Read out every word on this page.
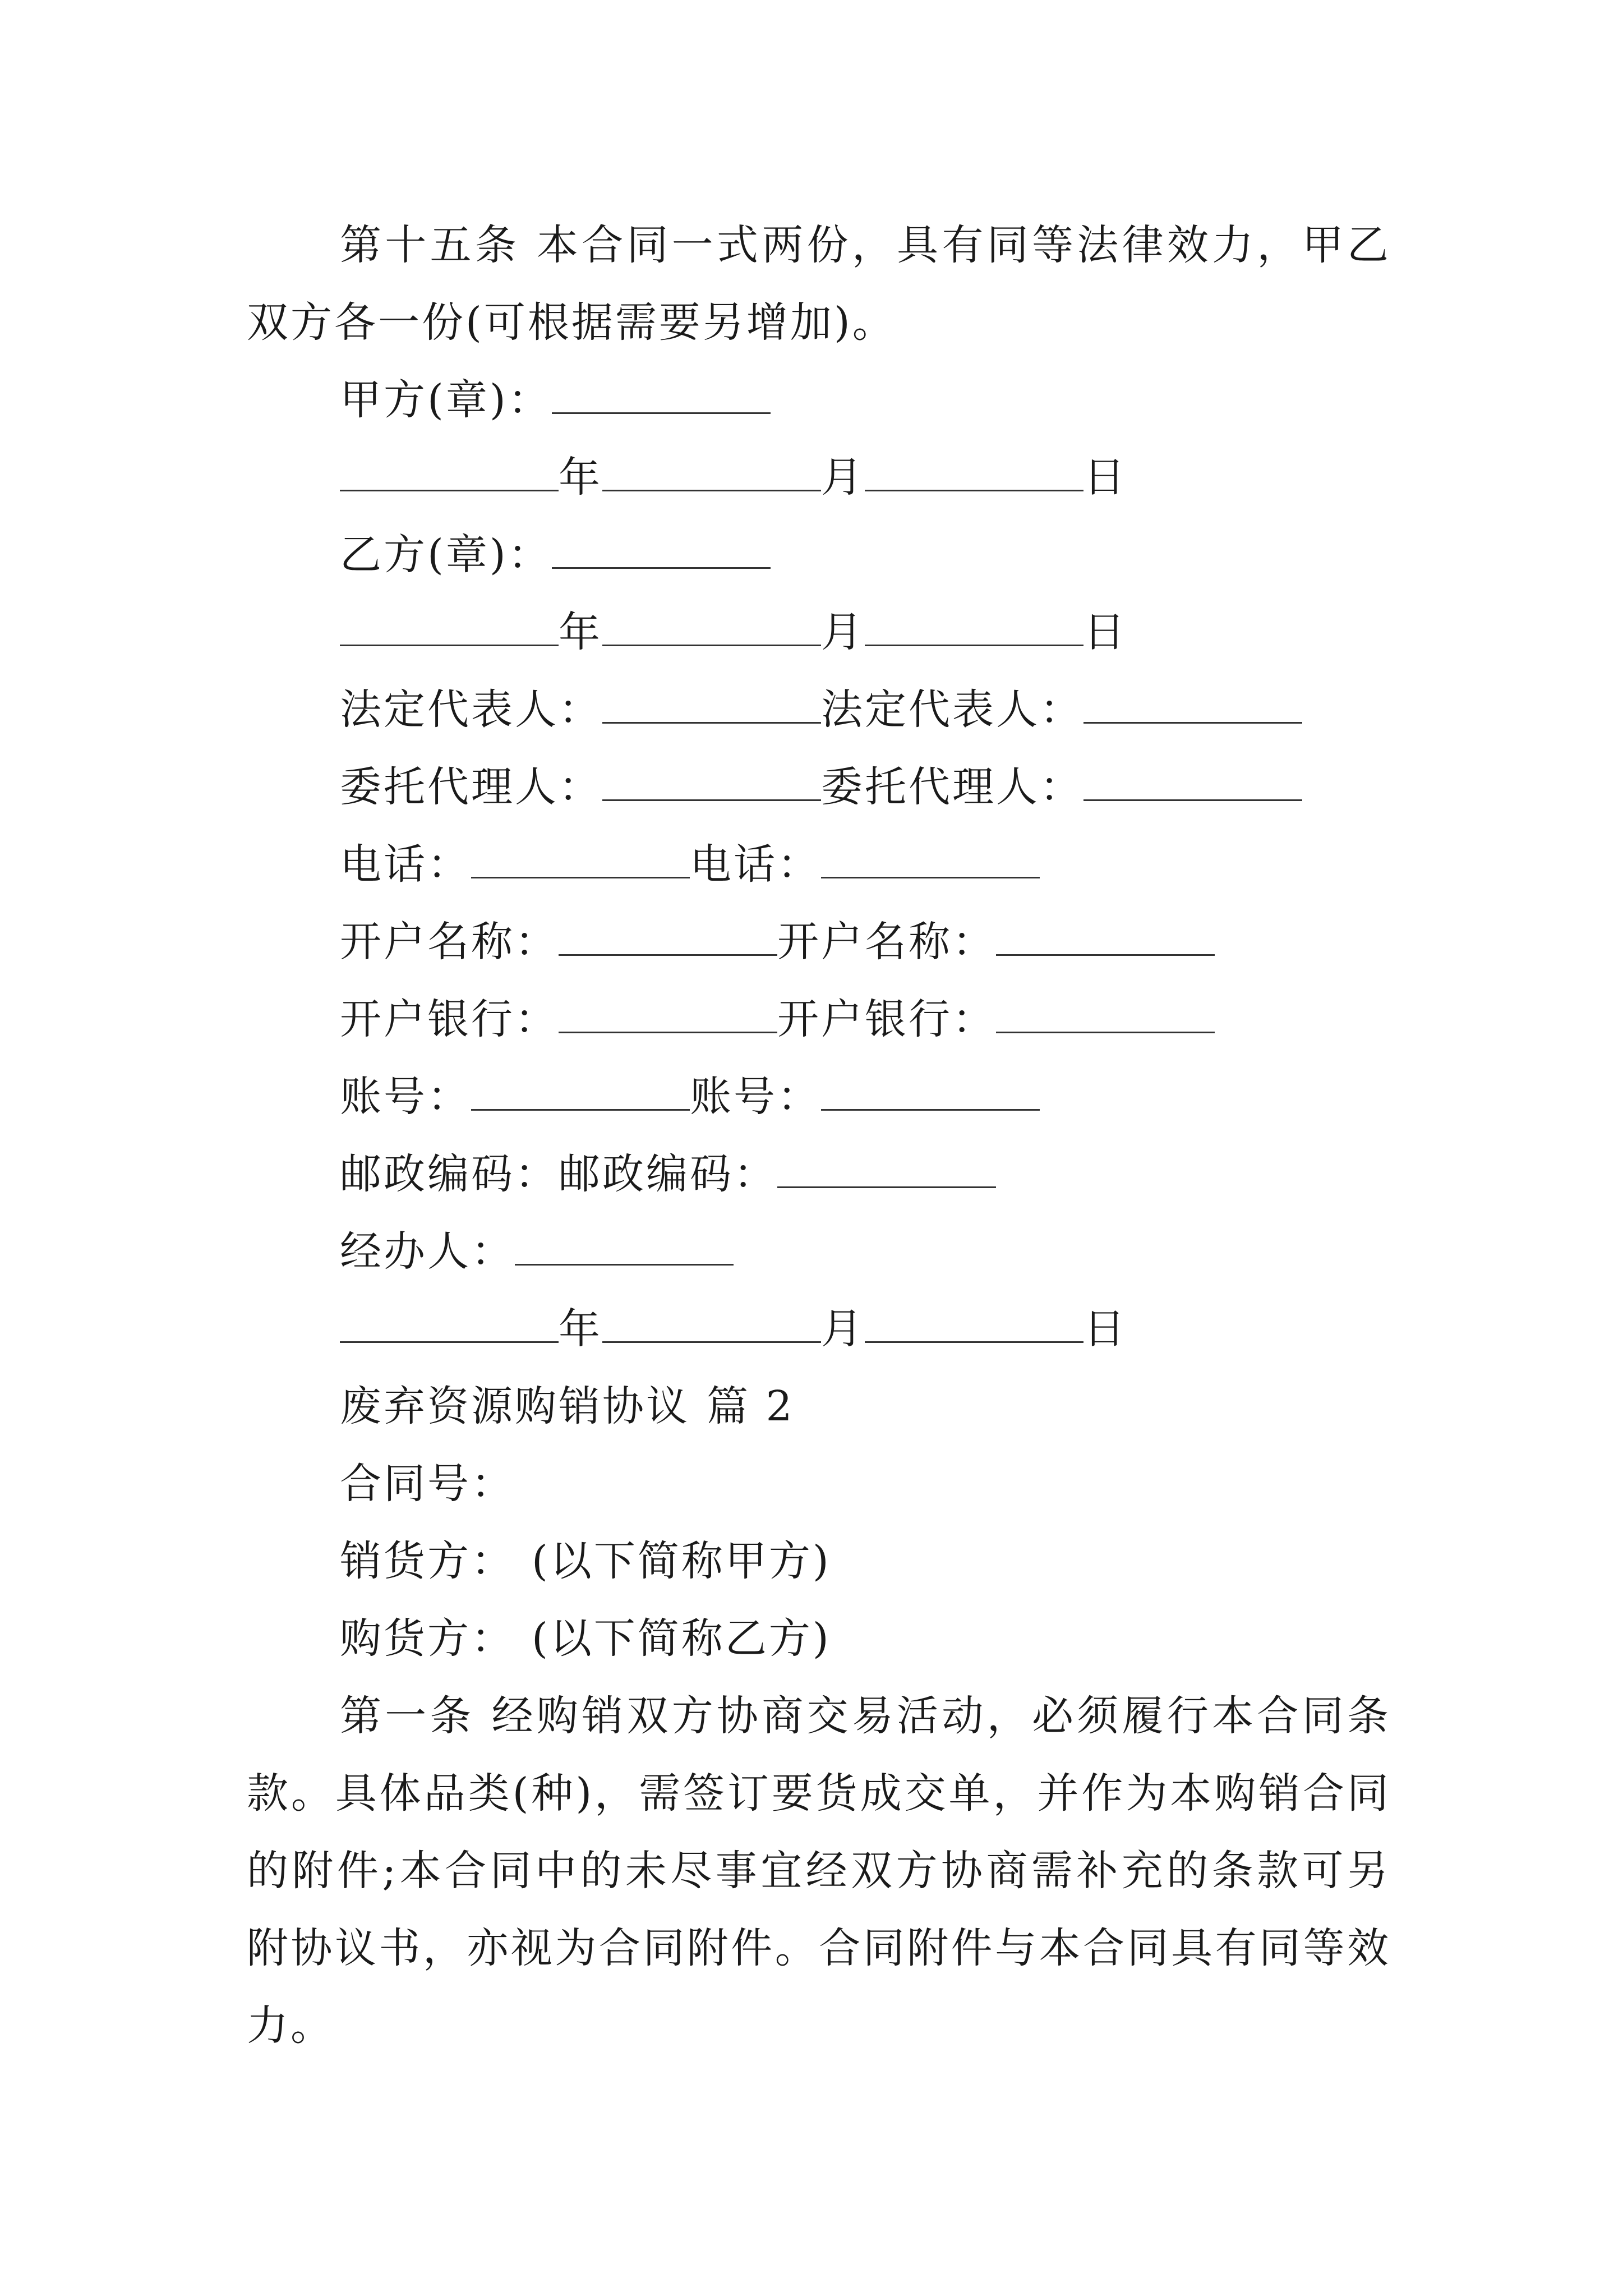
第十五条 本合同一式两份，具有同等法律效力，甲乙双方各一份(可根据需要另增加)。
甲方(章)：
年	月	日
乙方(章)：
年	月	日
法定代表人：	法定代表人：
委托代理人：	委托代理人：
电话：	电话：
开户名称：	开户名称：
开户银行：	开户银行：
账号：	账号：
邮政编码：邮政编码：
经办人：
年	月	日
废弃资源购销协议 篇 2
合同号：
销货方： (以下简称甲方)
购货方： (以下简称乙方)
第一条 经购销双方协商交易活动，必须履行本合同条款。具体品类(种)，需签订要货成交单，并作为本购销合同的附件;本合同中的未尽事宜经双方协商需补充的条款可另附协议书，亦视为合同附件。合同附件与本合同具有同等效力。
